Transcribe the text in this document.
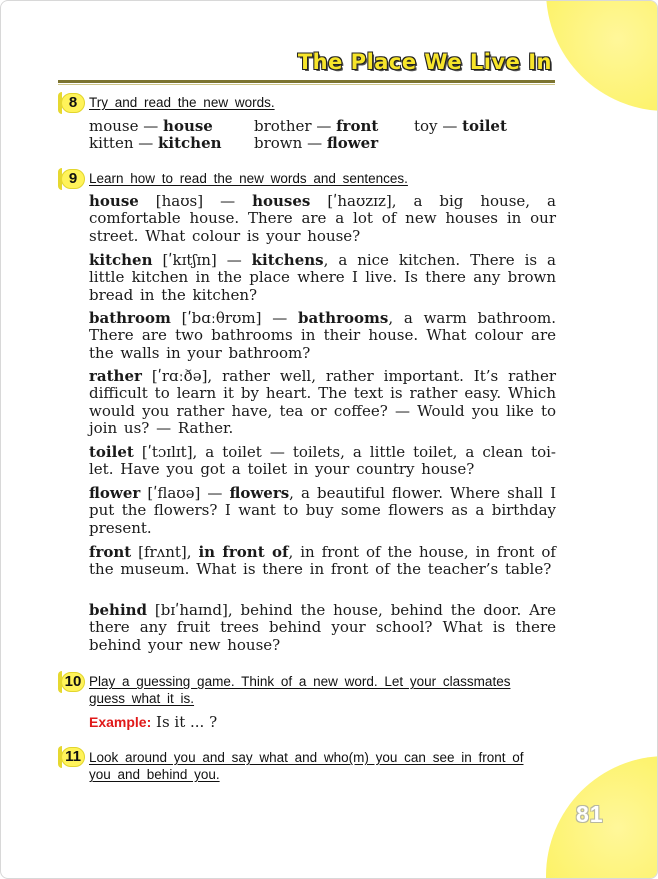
The Place We Live In
8 Try and read the new words.

mouse — house
kitten — kitchen
brother — front
brown — flower
toy — toilet
9 Learn how to read the new words and sentences.

house [haʊs] — houses [ʹhaʊzɪz], a big house, a comfortable house. There are a lot of new houses in our street. What colour is your house?

kitchen [ʹkɪtʃɪn] — kitchens, a nice kitchen. There is a little kitchen in the place where I live. Is there any brown bread in the kitchen?

bathroom [ʹbɑːθrʊm] — bathrooms, a warm bathroom. There are two bathrooms in their house. What colour are the walls in your bathroom?

rather [ʹrɑːðə], rather well, rather important. It’s rather difficult to learn it by heart. The text is rather easy. Which would you rather have, tea or coffee? — Would you like to join us? — Rather.

toilet [ʹtɔɪlɪt], a toilet — toilets, a little toilet, a clean toilet. Have you got a toilet in your country house?

flower [ʹflaʊə] — flowers, a beautiful flower. Where shall I put the flowers? I want to buy some flowers as a birthday present.

front [frʌnt], in front of, in front of the house, in front of the museum. What is there in front of the teacher’s table?

behind [bɪʹhaɪnd], behind the house, behind the door. Are there any fruit trees behind your school? What is there behind your new house?

10 Play a guessing game. Think of a new word. Let your classmates guess what it is.

Example: Is it ... ?

11 Look around you and say what and who(m) you can see in front of you and behind you.

81
